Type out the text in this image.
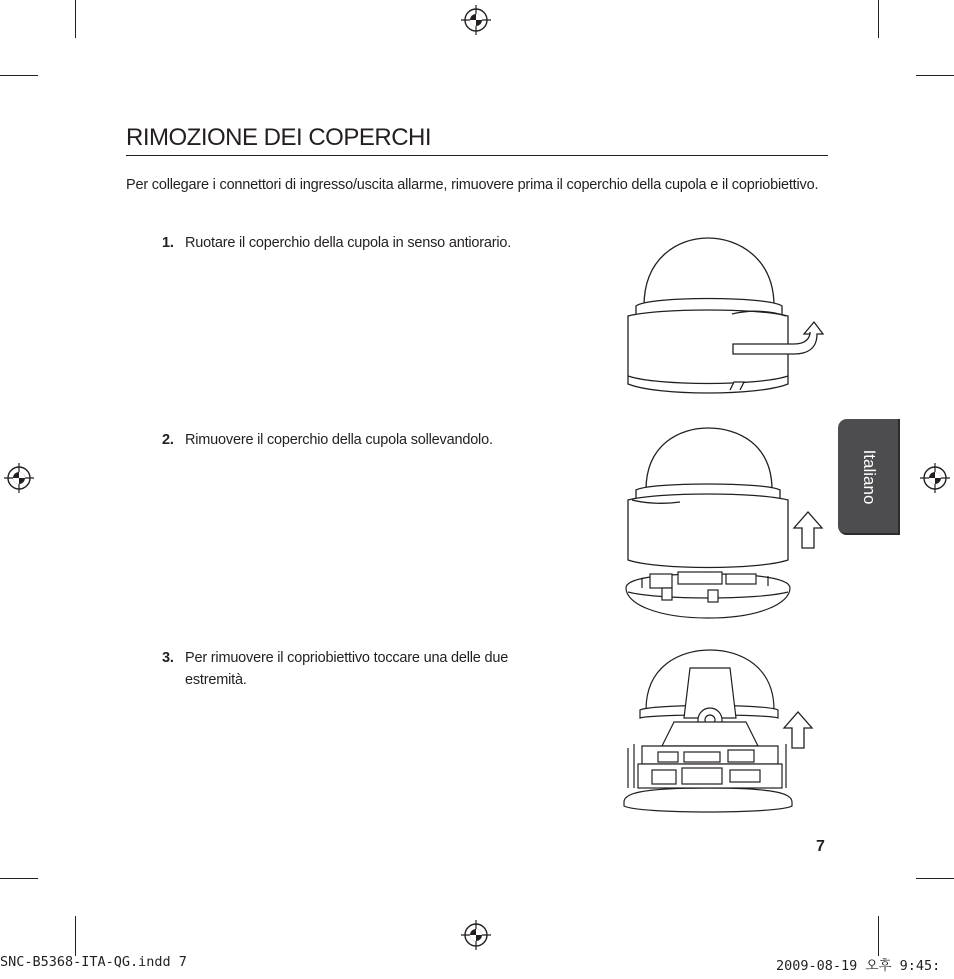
RIMOZIONE DEI COPERCHI
Per collegare i connettori di ingresso/uscita allarme, rimuovere prima il coperchio della cupola e il copriobiettivo.
1. Ruotare il coperchio della cupola in senso antiorario.
2. Rimuovere il coperchio della cupola sollevandolo.
3. Per rimuovere il copriobiettivo toccare una delle due estremità.
Italiano
7
SNC-B5368-ITA-QG.indd 7	2009-08-19 오후 9:45:
